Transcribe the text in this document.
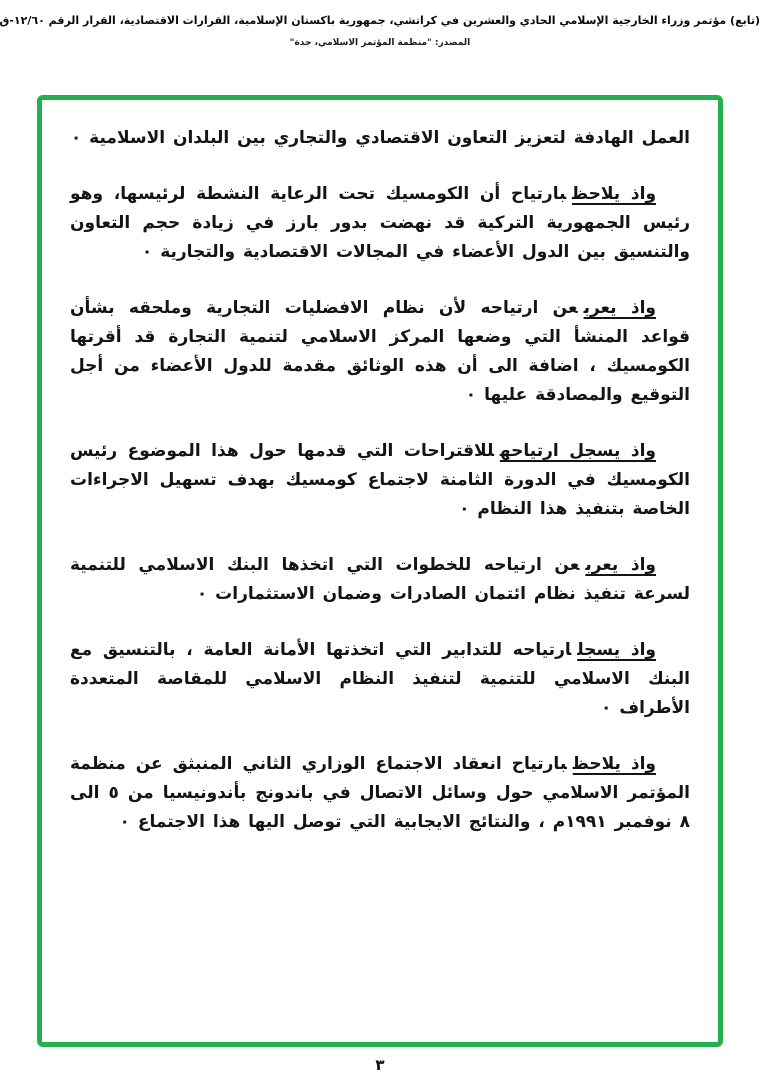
(تابع) مؤتمر وزراء الخارجية الإسلامي الحادي والعشرين في كراتشي، جمهورية باكستان الإسلامية، القرارات الاقتصادية، القرار الرقم ١٢/٦٠-ق
المصدر: "منظمة المؤتمر الاسلامي، جدة"

العمل الهادفة لتعزيز التعاون الاقتصادي والتجاري بين البلدان الاسلامية ٠

واذ يلاحظبارتياح أن الكومسيك تحت الرعاية النشطة لرئيسها، وهو رئيس الجمهورية التركية قد نهضت بدور بارز في زيادة حجم التعاون والتنسيق بين الدول الأعضاء في المجالات الاقتصادية والتجارية ٠

واذ يعربعن ارتياحه لأن نظام الافضليات التجارية وملحقه بشأن قواعد المنشأ التي وضعها المركز الاسلامي لتنمية التجارة قد أقرتها الكومسيك ، اضافة الى أن هذه الوثائق مقدمة للدول الأعضاء من أجل التوقيع والمصادقة عليها ٠

واذ يسجل ارتياحهللاقتراحات التي قدمها حول هذا الموضوع رئيس الكومسيك في الدورة الثامنة لاجتماع كومسيك بهدف تسهيل الاجراءات الخاصة بتنفيذ هذا النظام ٠

واذ يعربعن ارتياحه للخطوات التي اتخذها البنك الاسلامي للتنمية لسرعة تنفيذ نظام ائتمان الصادرات وضمان الاستثمارات ٠

واذ يسجلارتياحه للتدابير التي اتخذتها الأمانة العامة ، بالتنسيق مع البنك الاسلامي للتنمية لتنفيذ النظام الاسلامي للمقاصة المتعددة الأطراف ٠

واذ يلاحظبارتياح انعقاد الاجتماع الوزاري الثاني المنبثق عن منظمة المؤتمر الاسلامي حول وسائل الاتصال في باندونج بأندونيسيا من ٥ الى ٨ نوفمبر ١٩٩١م ، والنتائج الايجابية التي توصل اليها هذا الاجتماع ٠

٣
